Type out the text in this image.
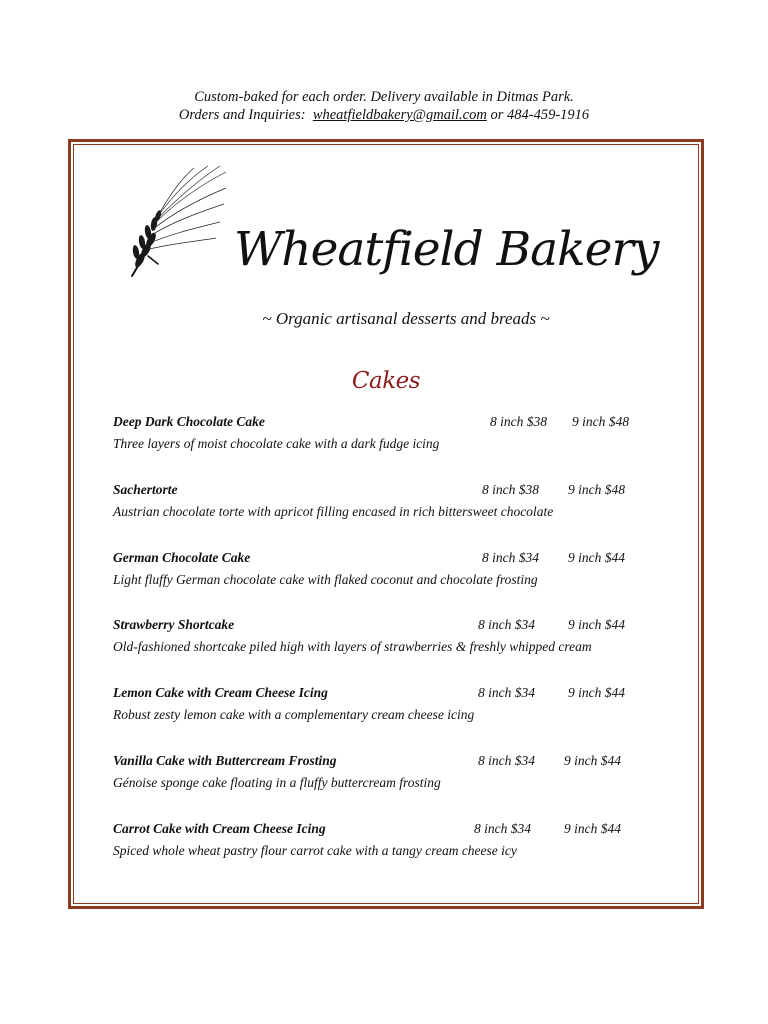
Custom-baked for each order. Delivery available in Ditmas Park.
Orders and Inquiries: wheatfieldbakery@gmail.com or 484-459-1916
Wheatfield Bakery
~ Organic artisanal desserts and breads ~
Cakes
Deep Dark Chocolate Cake	8 inch $38 9 inch $48
Three layers of moist chocolate cake with a dark fudge icing
Sachertorte	8 inch $38 9 inch $48
Austrian chocolate torte with apricot filling encased in rich bittersweet chocolate
German Chocolate Cake	8 inch $34 9 inch $44
Light fluffy German chocolate cake with flaked coconut and chocolate frosting
Strawberry Shortcake	8 inch $34 9 inch $44
Old-fashioned shortcake piled high with layers of strawberries & freshly whipped cream
Lemon Cake with Cream Cheese Icing	8 inch $34 9 inch $44
Robust zesty lemon cake with a complementary cream cheese icing
Vanilla Cake with Buttercream Frosting	8 inch $34 9 inch $44
Génoise sponge cake floating in a fluffy buttercream frosting
Carrot Cake with Cream Cheese Icing	8 inch $34 9 inch $44
Spiced whole wheat pastry flour carrot cake with a tangy cream cheese icy
